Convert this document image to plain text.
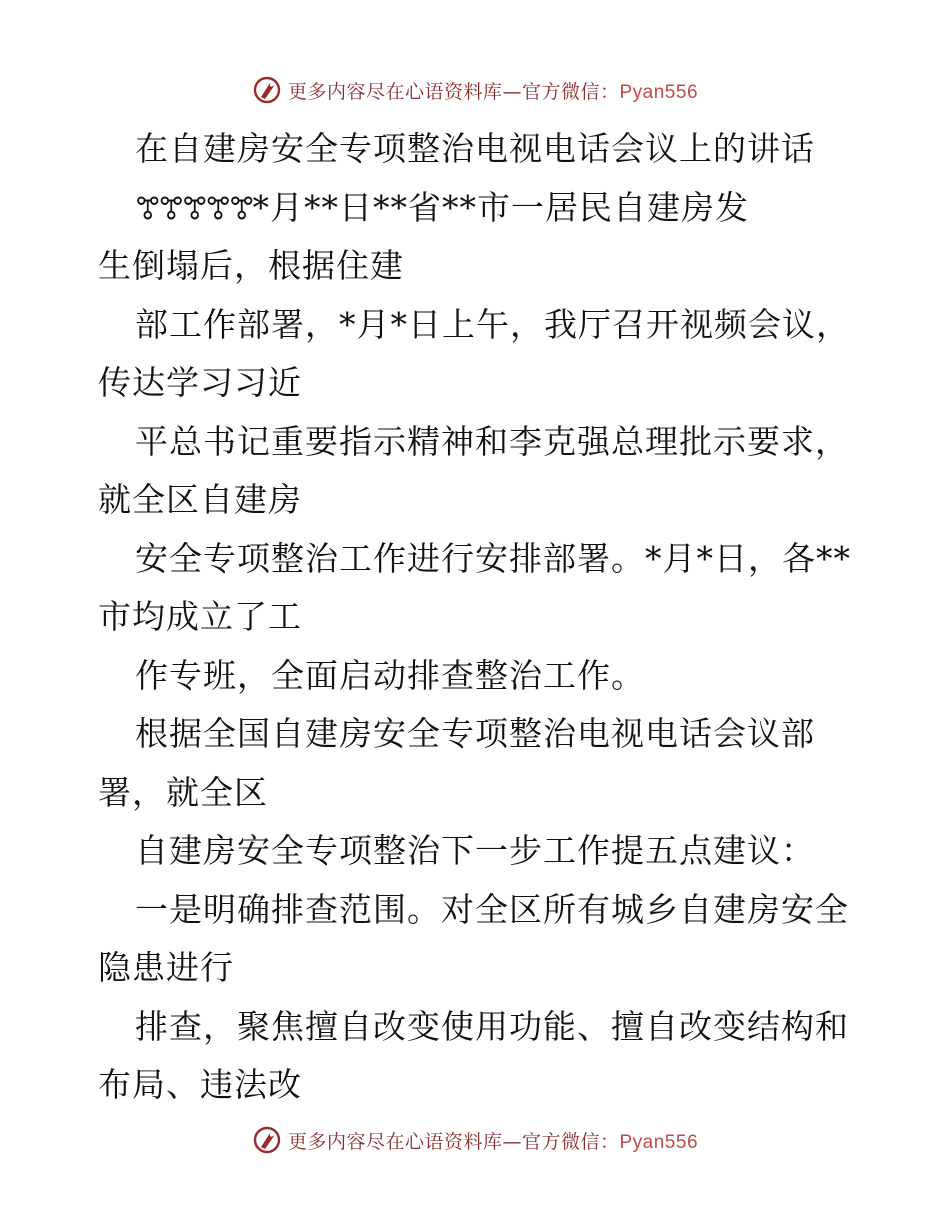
更多内容尽在心语资料库—官方微信：Pyan556
在自建房安全专项整治电视电话会议上的讲话
ꔅꔅꔅꔅꔅ*月**日**省**市一居民自建房发
生倒塌后，根据住建
部工作部署，*月*日上午，我厅召开视频会议，
传达学习习近
平总书记重要指示精神和李克强总理批示要求，
就全区自建房
安全专项整治工作进行安排部署。*月*日，各**
市均成立了工
作专班，全面启动排查整治工作。
根据全国自建房安全专项整治电视电话会议部
署，就全区
自建房安全专项整治下一步工作提五点建议：
一是明确排查范围。对全区所有城乡自建房安全
隐患进行
排查，聚焦擅自改变使用功能、擅自改变结构和
布局、违法改
更多内容尽在心语资料库—官方微信：Pyan556
